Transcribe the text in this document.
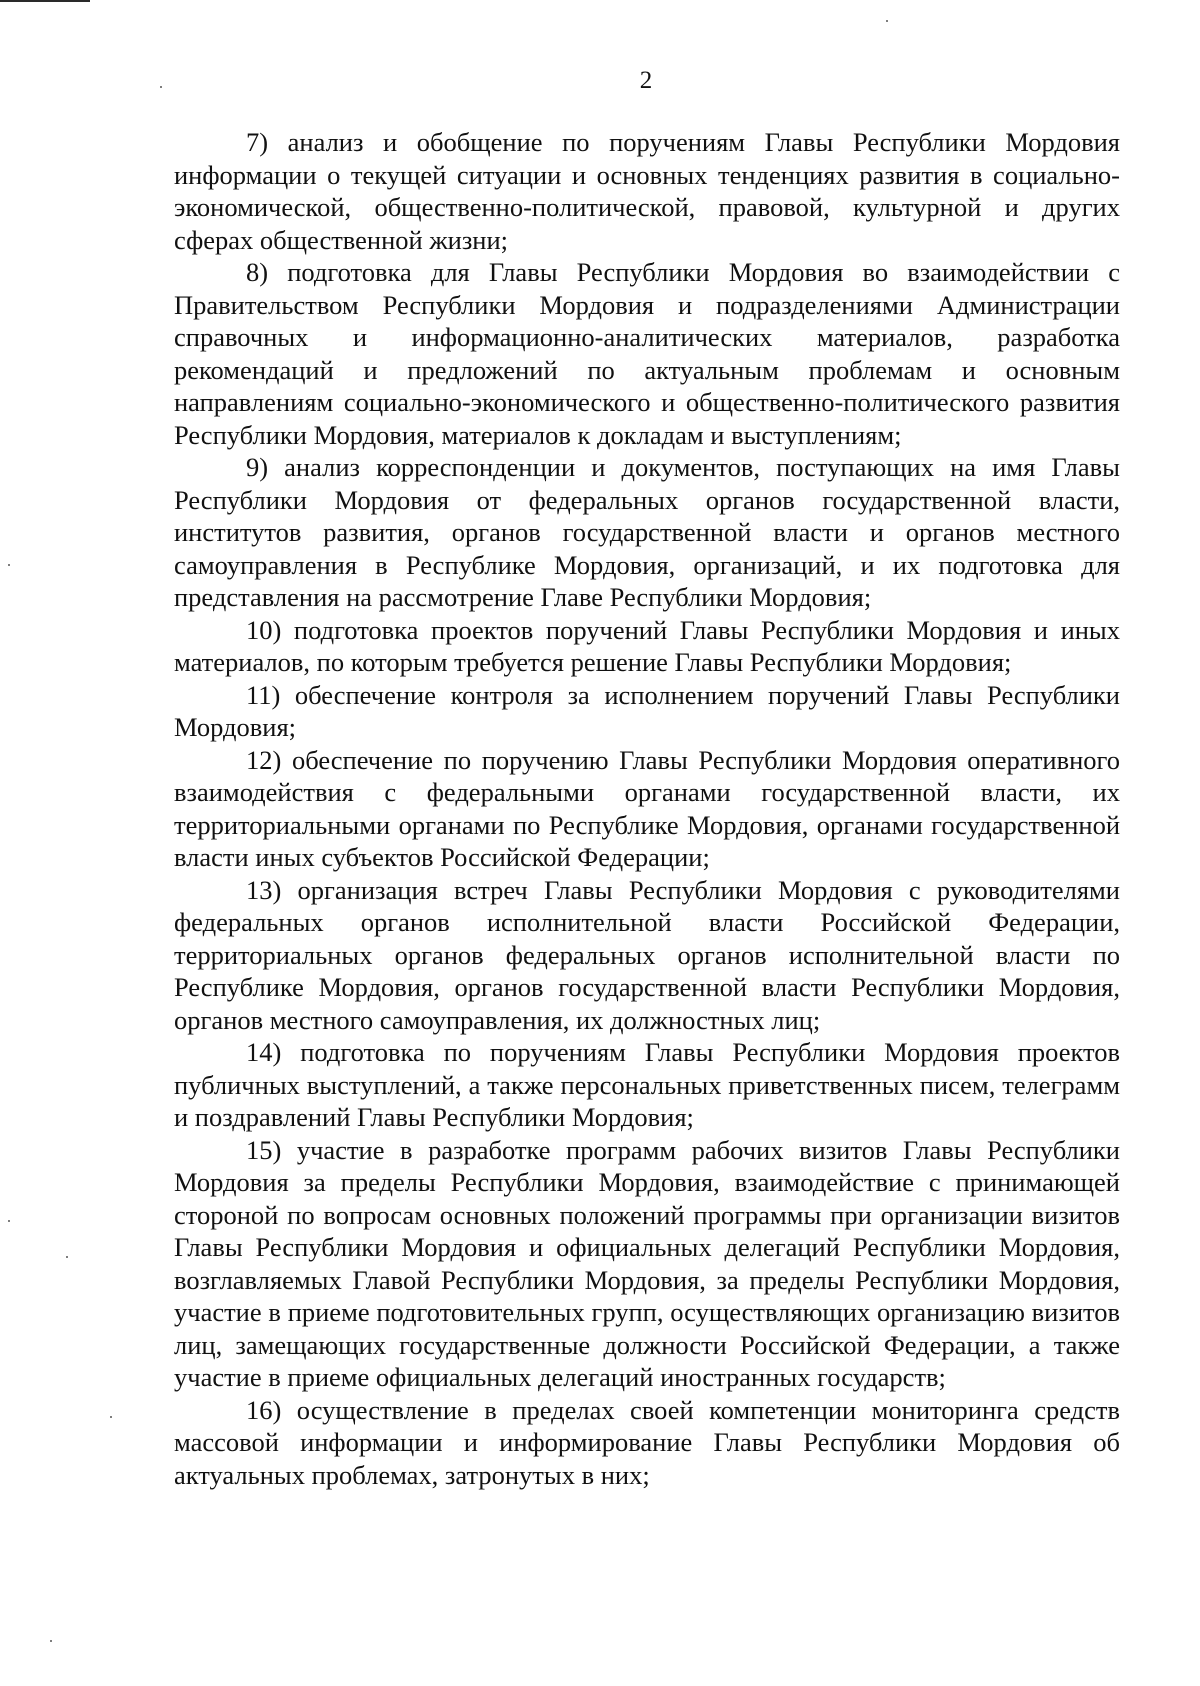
2

7) анализ и обобщение по поручениям Главы Республики Мордовия информации о текущей ситуации и основных тенденциях развития в социально-экономической, общественно-политической, правовой, культурной и других сферах общественной жизни;

8) подготовка для Главы Республики Мордовия во взаимодействии с Правительством Республики Мордовия и подразделениями Администрации справочных и информационно-аналитических материалов, разработка рекомендаций и предложений по актуальным проблемам и основным направлениям социально-экономического и общественно-политического развития Республики Мордовия, материалов к докладам и выступлениям;

9) анализ корреспонденции и документов, поступающих на имя Главы Республики Мордовия от федеральных органов государственной власти, институтов развития, органов государственной власти и органов местного самоуправления в Республике Мордовия, организаций, и их подготовка для представления на рассмотрение Главе Республики Мордовия;

10) подготовка проектов поручений Главы Республики Мордовия и иных материалов, по которым требуется решение Главы Республики Мордовия;

11) обеспечение контроля за исполнением поручений Главы Республики Мордовия;

12) обеспечение по поручению Главы Республики Мордовия оперативного взаимодействия с федеральными органами государственной власти, их территориальными органами по Республике Мордовия, органами государственной власти иных субъектов Российской Федерации;

13) организация встреч Главы Республики Мордовия с руководителями федеральных органов исполнительной власти Российской Федерации, территориальных органов федеральных органов исполнительной власти по Республике Мордовия, органов государственной власти Республики Мордовия, органов местного самоуправления, их должностных лиц;

14) подготовка по поручениям Главы Республики Мордовия проектов публичных выступлений, а также персональных приветственных писем, телеграмм и поздравлений Главы Республики Мордовия;

15) участие в разработке программ рабочих визитов Главы Республики Мордовия за пределы Республики Мордовия, взаимодействие с принимающей стороной по вопросам основных положений программы при организации визитов Главы Республики Мордовия и официальных делегаций Республики Мордовия, возглавляемых Главой Республики Мордовия, за пределы Республики Мордовия, участие в приеме подготовительных групп, осуществляющих организацию визитов лиц, замещающих государственные должности Российской Федерации, а также участие в приеме официальных делегаций иностранных государств;

16) осуществление в пределах своей компетенции мониторинга средств массовой информации и информирование Главы Республики Мордовия об актуальных проблемах, затронутых в них;
